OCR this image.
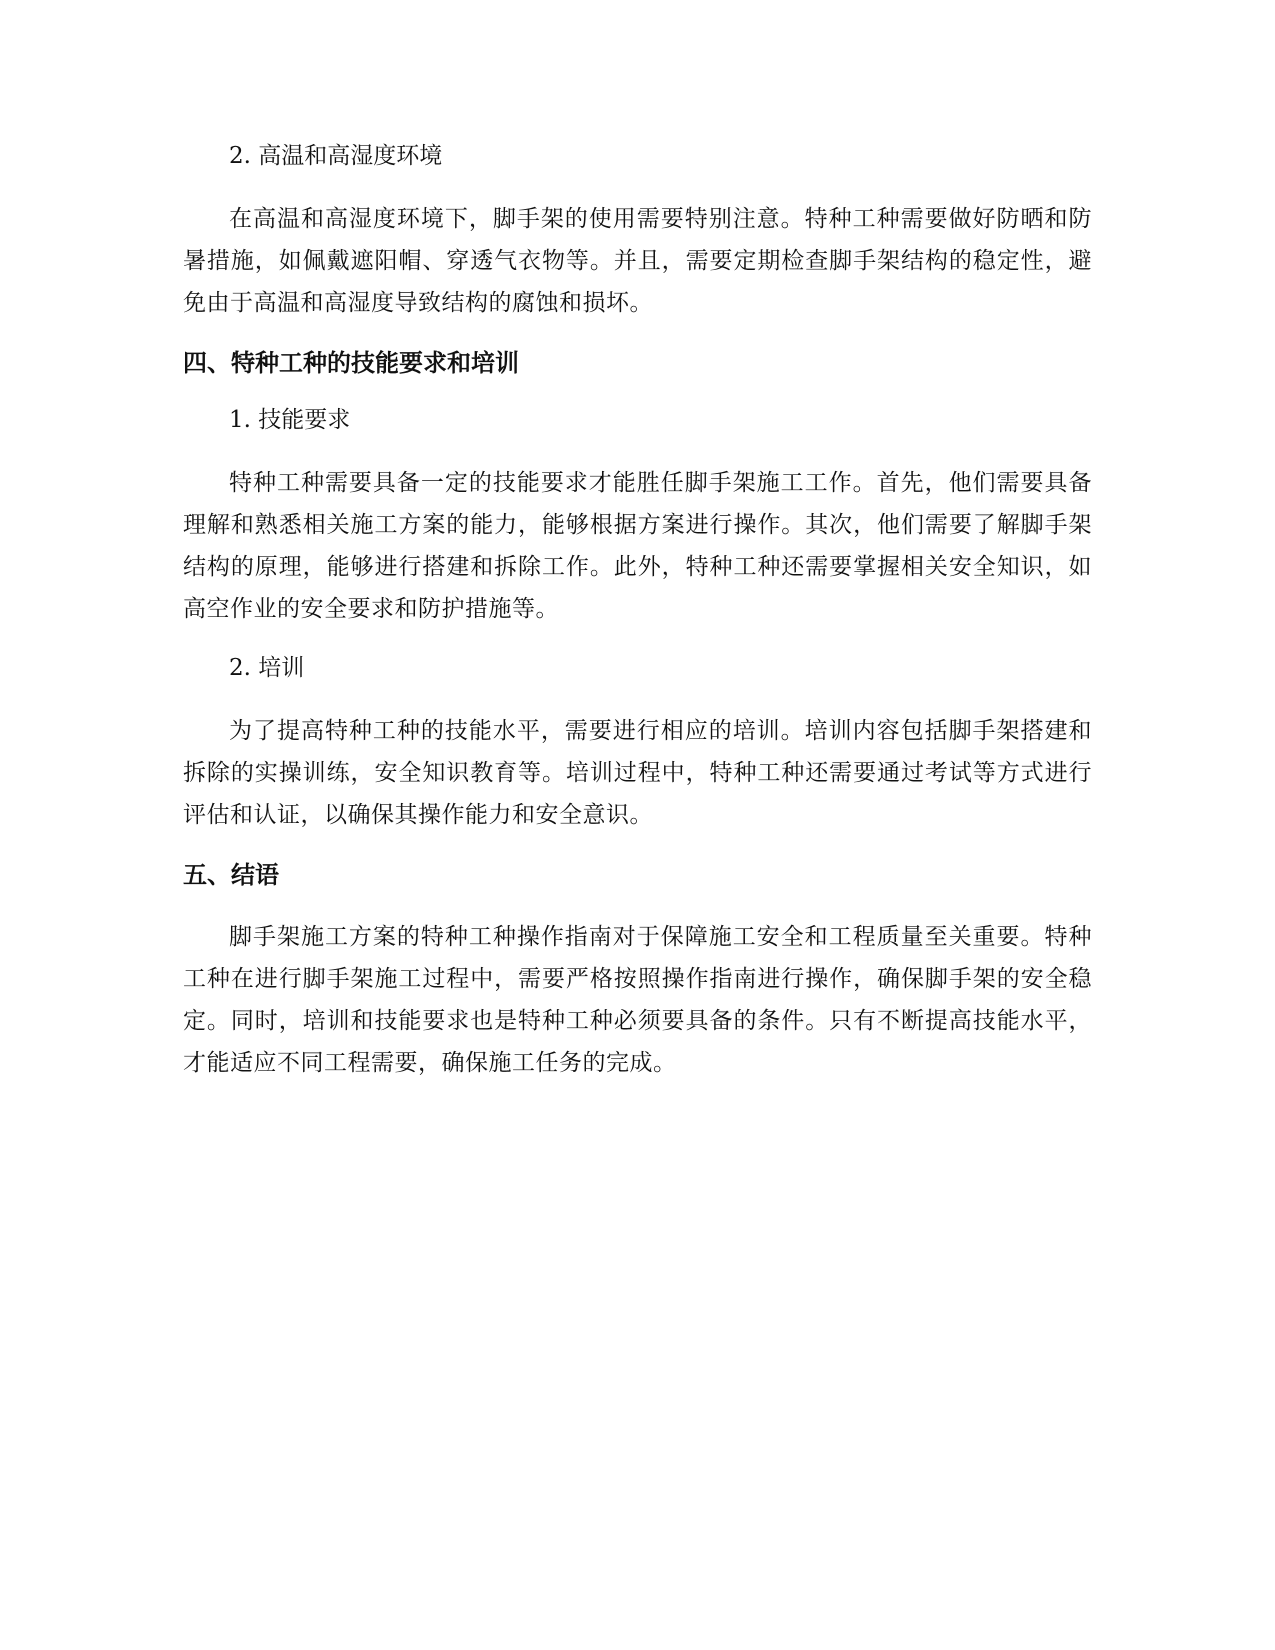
2. 高温和高湿度环境

在高温和高湿度环境下，脚手架的使用需要特别注意。特种工种需要做好防晒和防暑措施，如佩戴遮阳帽、穿透气衣物等。并且，需要定期检查脚手架结构的稳定性，避免由于高温和高湿度导致结构的腐蚀和损坏。

四、特种工种的技能要求和培训
1. 技能要求

特种工种需要具备一定的技能要求才能胜任脚手架施工工作。首先，他们需要具备理解和熟悉相关施工方案的能力，能够根据方案进行操作。其次，他们需要了解脚手架结构的原理，能够进行搭建和拆除工作。此外，特种工种还需要掌握相关安全知识，如高空作业的安全要求和防护措施等。

2. 培训

为了提高特种工种的技能水平，需要进行相应的培训。培训内容包括脚手架搭建和拆除的实操训练，安全知识教育等。培训过程中，特种工种还需要通过考试等方式进行评估和认证，以确保其操作能力和安全意识。

五、结语

脚手架施工方案的特种工种操作指南对于保障施工安全和工程质量至关重要。特种工种在进行脚手架施工过程中，需要严格按照操作指南进行操作，确保脚手架的安全稳定。同时，培训和技能要求也是特种工种必须要具备的条件。只有不断提高技能水平，才能适应不同工程需要，确保施工任务的完成。
